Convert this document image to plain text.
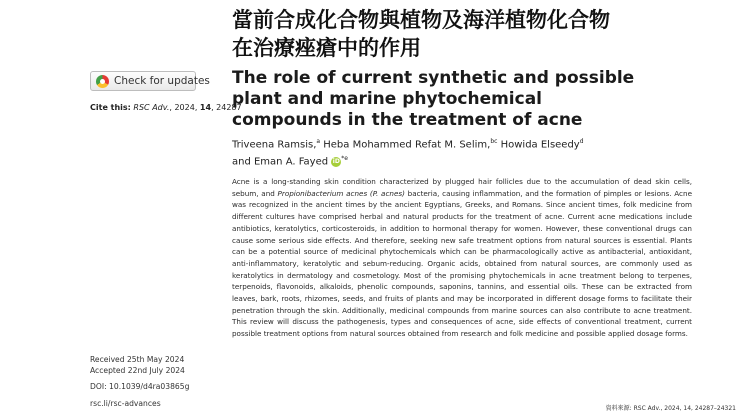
當前合成化合物與植物及海洋植物化合物
在治療痤瘡中的作用
Check for updates
Cite this: RSC Adv., 2024, 14, 24287
The role of current synthetic and possible plant and marine phytochemical compounds in the treatment of acne
Triveena Ramsis,$^a$ Heba Mohammed Refat M. Selim,$^{bc}$ Howida Elseedy$^d$
and Eman A. Fayed $iD^{*e}$

Acne is a long-standing skin condition characterized by plugged hair follicles due to the accumulation of dead skin cells, sebum, and Propionibacterium acnes (P. acnes) bacteria, causing inflammation, and the formation of pimples or lesions. Acne was recognized in the ancient times by the ancient Egyptians, Greeks, and Romans. Since ancient times, folk medicine from different cultures have comprised herbal and natural products for the treatment of acne. Current acne medications include antibiotics, keratolytics, corticosteroids, in addition to hormonal therapy for women. However, these conventional drugs can cause some serious side effects. And therefore, seeking new safe treatment options from natural sources is essential. Plants can be a potential source of medicinal phytochemicals which can be pharmacologically active as antibacterial, antioxidant, anti-inflammatory, keratolytic and sebum-reducing. Organic acids, obtained from natural sources, are commonly used as keratolytics in dermatology and cosmetology. Most of the promising phytochemicals in acne treatment belong to terpenes, terpenoids, flavonoids, alkaloids, phenolic compounds, saponins, tannins, and essential oils. These can be extracted from leaves, bark, roots, rhizomes, seeds, and fruits of plants and may be incorporated in different dosage forms to facilitate their penetration through the skin. Additionally, medicinal compounds from marine sources can also contribute to acne treatment. This review will discuss the pathogenesis, types and consequences of acne, side effects of conventional treatment, current possible treatment options from natural sources obtained from research and folk medicine and possible applied dosage forms.

Received 25th May 2024
Accepted 22nd July 2024
DOI: 10.1039/d4ra03865g
rsc.li/rsc-advances
資料來源: RSC Adv., 2024, 14, 24287–24321
